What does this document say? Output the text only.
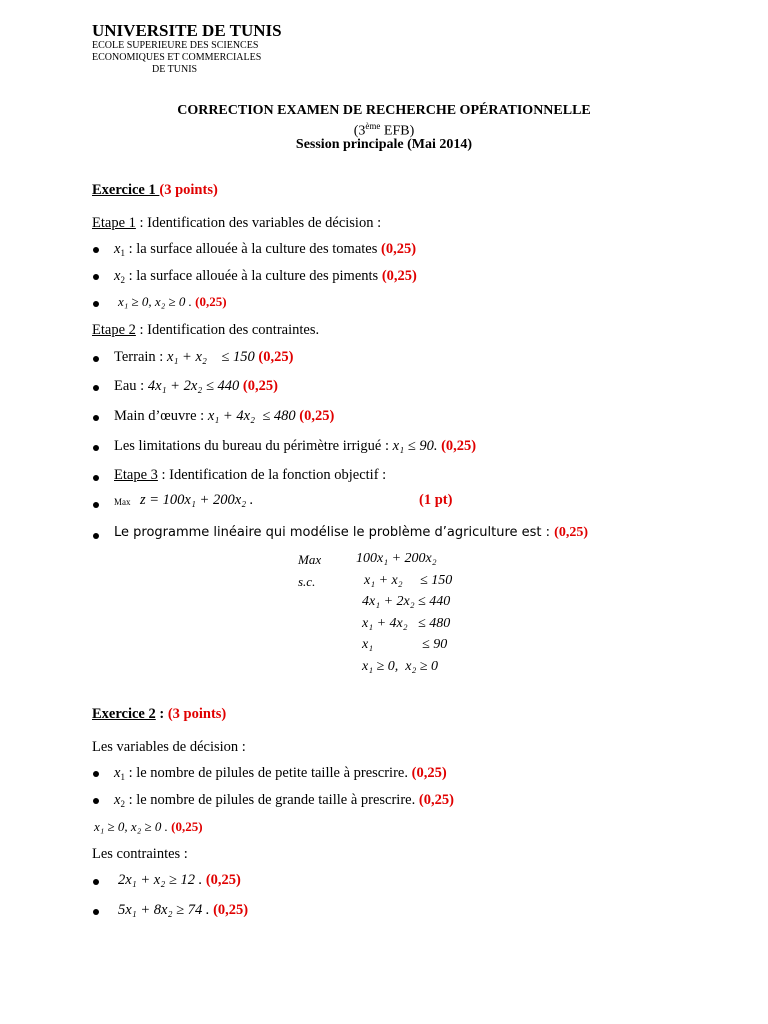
UNIVERSITE DE TUNIS
ECOLE SUPERIEURE DES SCIENCES
ECONOMIQUES ET COMMERCIALES
DE TUNIS
CORRECTION EXAMEN DE RECHERCHE OPÉRATIONNELLE
(3ème EFB)
Session principale (Mai 2014)
Exercice 1 (3 points)
Etape 1 : Identification des variables de décision :
$x_1$ : la surface allouée à la culture des tomates (0,25)
$x_2$ : la surface allouée à la culture des piments (0,25)
x₁ ≥ 0, x₂ ≥ 0 . (0,25)
Etape 2 : Identification des contraintes.
Terrain : x₁ + x₂    ≤ 150 (0,25)
Eau : 4x₁ + 2x₂ ≤ 440 (0,25)
Main d’œuvre : x₁ + 4x₂  ≤ 480 (0,25)
Les limitations du bureau du périmètre irrigué : x₁ ≤ 90. (0,25)
Etape 3 : Identification de la fonction objectif :
Max z = 100x₁ + 200x₂ .	(1 pt)
Le programme linéaire qui modélise le problème d’agriculture est : (0,25)
Max
s.c.
100x₁ + 200x₂
x₁ + x₂     ≤ 150
4x₁ + 2x₂ ≤ 440
x₁ + 4x₂   ≤ 480
x₁              ≤ 90
x₁ ≥ 0,  x₂ ≥ 0
Exercice 2 : (3 points)
Les variables de décision :
$x_1$ : le nombre de pilules de petite taille à prescrire. (0,25)
$x_2$ : le nombre de pilules de grande taille à prescrire. (0,25)
x₁ ≥ 0, x₂ ≥ 0 . (0,25)
Les contraintes :
2x₁ + x₂ ≥ 12 . (0,25)
5x₁ + 8x₂ ≥ 74 . (0,25)
